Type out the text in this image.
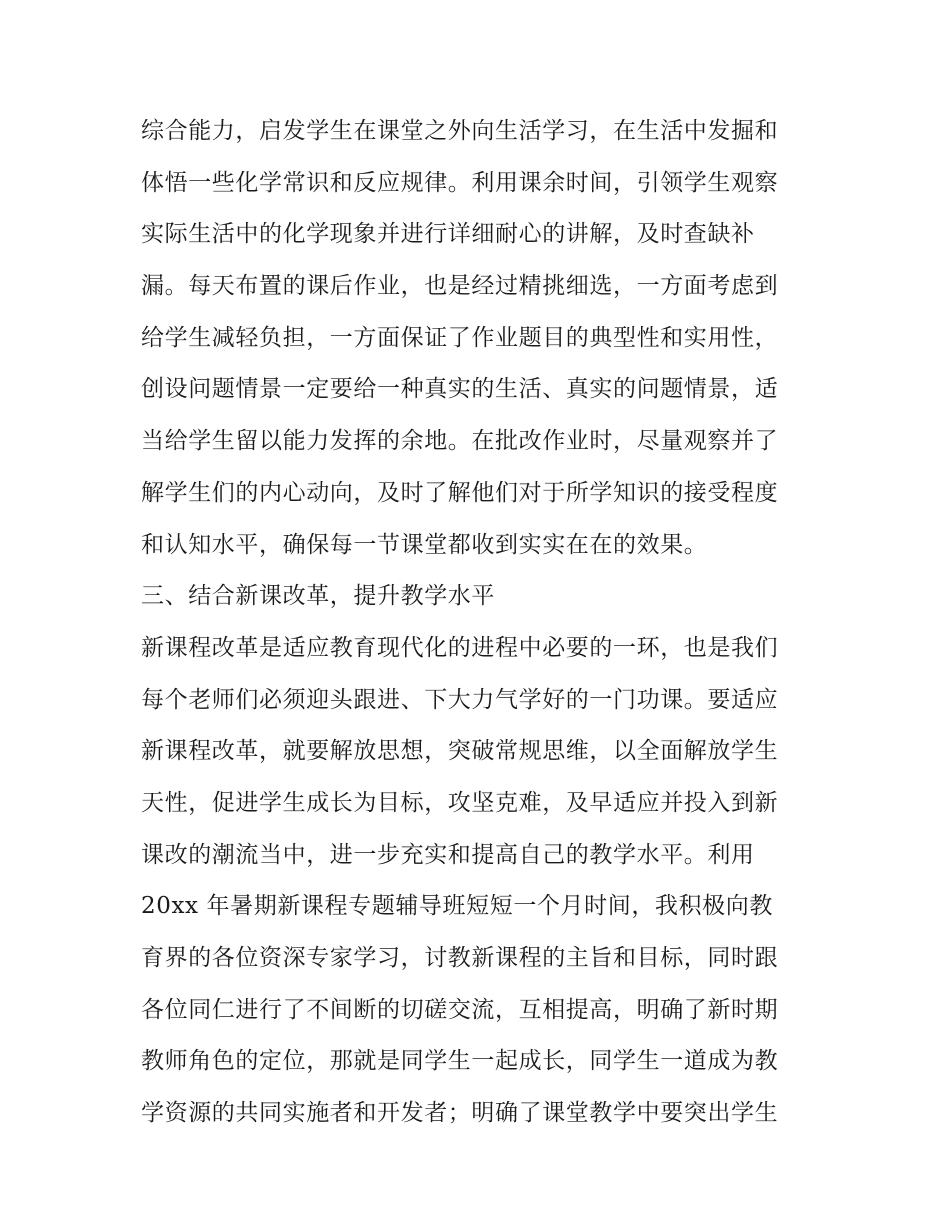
综合能力，启发学生在课堂之外向生活学习，在生活中发掘和
体悟一些化学常识和反应规律。利用课余时间，引领学生观察
实际生活中的化学现象并进行详细耐心的讲解，及时查缺补
漏。每天布置的课后作业，也是经过精挑细选，一方面考虑到
给学生减轻负担，一方面保证了作业题目的典型性和实用性，
创设问题情景一定要给一种真实的生活、真实的问题情景，适
当给学生留以能力发挥的余地。在批改作业时，尽量观察并了
解学生们的内心动向，及时了解他们对于所学知识的接受程度
和认知水平，确保每一节课堂都收到实实在在的效果。
三、结合新课改革，提升教学水平
新课程改革是适应教育现代化的进程中必要的一环，也是我们
每个老师们必须迎头跟进、下大力气学好的一门功课。要适应
新课程改革，就要解放思想，突破常规思维，以全面解放学生
天性，促进学生成长为目标，攻坚克难，及早适应并投入到新
课改的潮流当中，进一步充实和提高自己的教学水平。利用
20xx 年暑期新课程专题辅导班短短一个月时间，我积极向教
育界的各位资深专家学习，讨教新课程的主旨和目标，同时跟
各位同仁进行了不间断的切磋交流，互相提高，明确了新时期
教师角色的定位，那就是同学生一起成长，同学生一道成为教
学资源的共同实施者和开发者；明确了课堂教学中要突出学生
